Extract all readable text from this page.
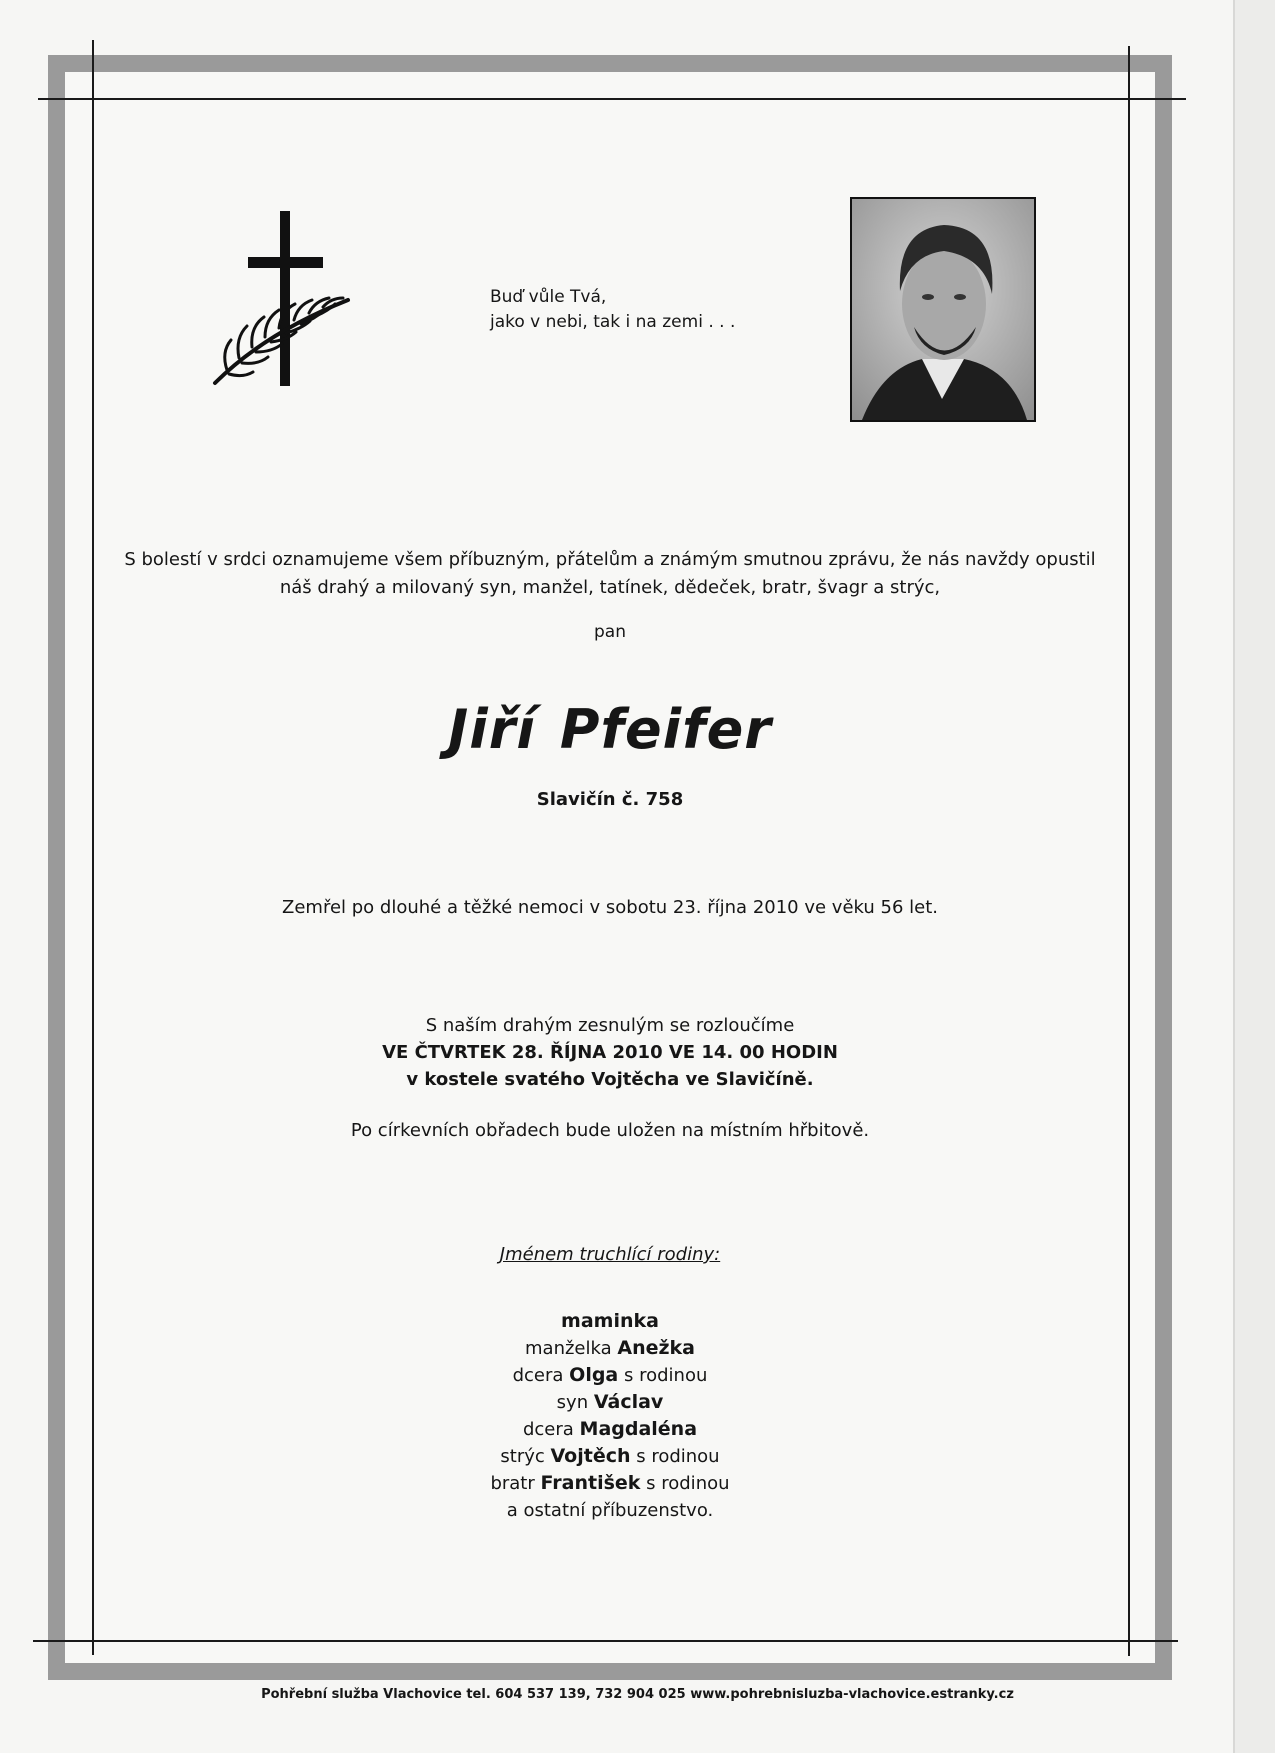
Buď vůle Tvá,
jako v nebi, tak i na zemi . . .
S bolestí v srdci oznamujeme všem příbuzným, přátelům a známým smutnou zprávu, že nás navždy opustil
náš drahý a milovaný syn, manžel, tatínek, dědeček, bratr, švagr a strýc,
pan
Jiří Pfeifer
Slavičín č. 758
Zemřel po dlouhé a těžké nemoci v sobotu 23. října 2010 ve věku 56 let.
S naším drahým zesnulým se rozloučíme
VE ČTVRTEK 28. ŘÍJNA 2010 VE 14. 00 HODIN
v kostele svatého Vojtěcha ve Slavičíně.
Po církevních obřadech bude uložen na místním hřbitově.
Jménem truchlící rodiny:
maminka
manželka Anežka
dcera Olga s rodinou
syn Václav
dcera Magdaléna
strýc Vojtěch s rodinou
bratr František s rodinou
a ostatní příbuzenstvo.
Pohřební služba Vlachovice tel. 604 537 139, 732 904 025 www.pohrebnisluzba-vlachovice.estranky.cz
